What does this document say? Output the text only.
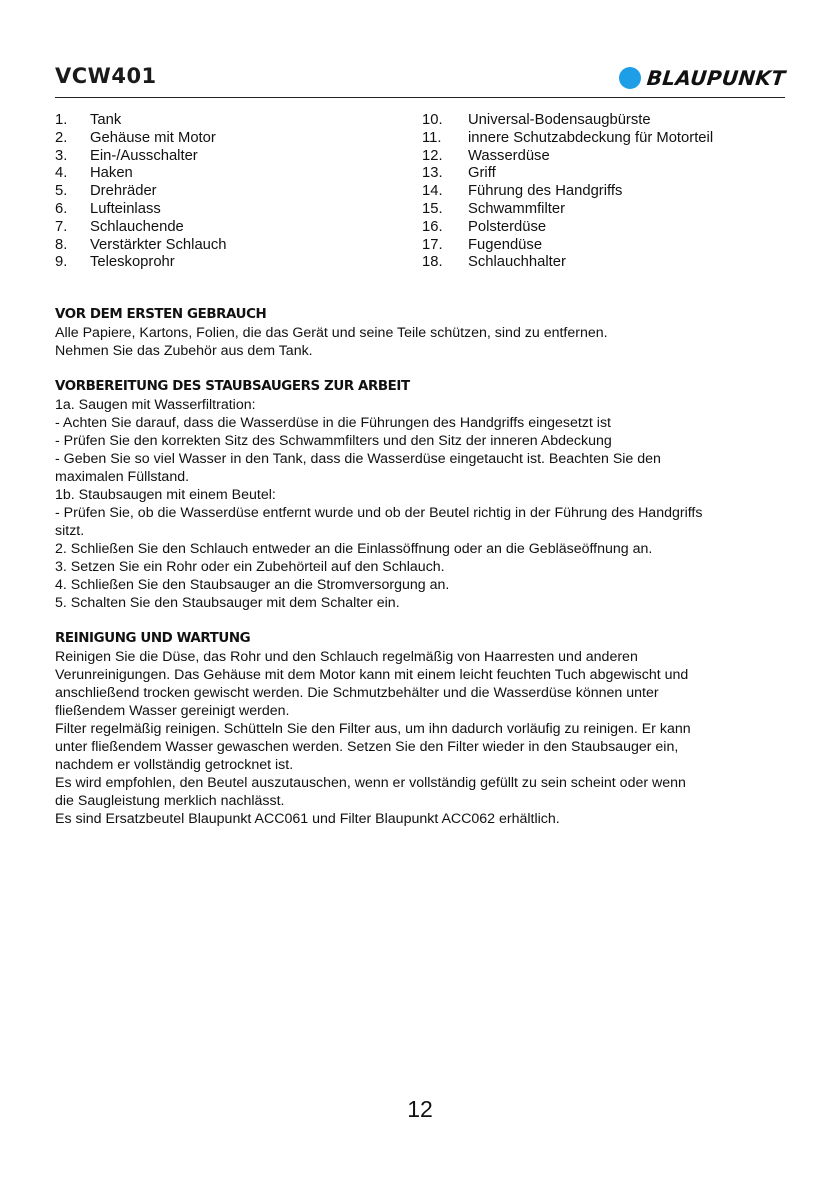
VCW401	BLAUPUNKT
1.	Tank
2.	Gehäuse mit Motor
3.	Ein-/Ausschalter
4.	Haken
5.	Drehräder
6.	Lufteinlass
7.	Schlauchende
8.	Verstärkter Schlauch
9.	Teleskoprohr
10.	Universal-Bodensaugbürste
11.	innere Schutzabdeckung für Motorteil
12.	Wasserdüse
13.	Griff
14.	Führung des Handgriffs
15.	Schwammfilter
16.	Polsterdüse
17.	Fugendüse
18.	Schlauchhalter
VOR DEM ERSTEN GEBRAUCH
Alle Papiere, Kartons, Folien, die das Gerät und seine Teile schützen, sind zu entfernen.
Nehmen Sie das Zubehör aus dem Tank.
VORBEREITUNG DES STAUBSAUGERS ZUR ARBEIT
1a. Saugen mit Wasserfiltration:
- Achten Sie darauf, dass die Wasserdüse in die Führungen des Handgriffs eingesetzt ist
- Prüfen Sie den korrekten Sitz des Schwammfilters und den Sitz der inneren Abdeckung
- Geben Sie so viel Wasser in den Tank, dass die Wasserdüse eingetaucht ist. Beachten Sie den
maximalen Füllstand.
1b. Staubsaugen mit einem Beutel:
- Prüfen Sie, ob die Wasserdüse entfernt wurde und ob der Beutel richtig in der Führung des Handgriffs
sitzt.
2. Schließen Sie den Schlauch entweder an die Einlassöffnung oder an die Gebläseöffnung an.
3. Setzen Sie ein Rohr oder ein Zubehörteil auf den Schlauch.
4. Schließen Sie den Staubsauger an die Stromversorgung an.
5. Schalten Sie den Staubsauger mit dem Schalter ein.
REINIGUNG UND WARTUNG
Reinigen Sie die Düse, das Rohr und den Schlauch regelmäßig von Haarresten und anderen
Verunreinigungen. Das Gehäuse mit dem Motor kann mit einem leicht feuchten Tuch abgewischt und
anschließend trocken gewischt werden. Die Schmutzbehälter und die Wasserdüse können unter
fließendem Wasser gereinigt werden.
Filter regelmäßig reinigen. Schütteln Sie den Filter aus, um ihn dadurch vorläufig zu reinigen. Er kann
unter fließendem Wasser gewaschen werden. Setzen Sie den Filter wieder in den Staubsauger ein,
nachdem er vollständig getrocknet ist.
Es wird empfohlen, den Beutel auszutauschen, wenn er vollständig gefüllt zu sein scheint oder wenn
die Saugleistung merklich nachlässt.
Es sind Ersatzbeutel Blaupunkt ACC061 und Filter Blaupunkt ACC062 erhältlich.
12
